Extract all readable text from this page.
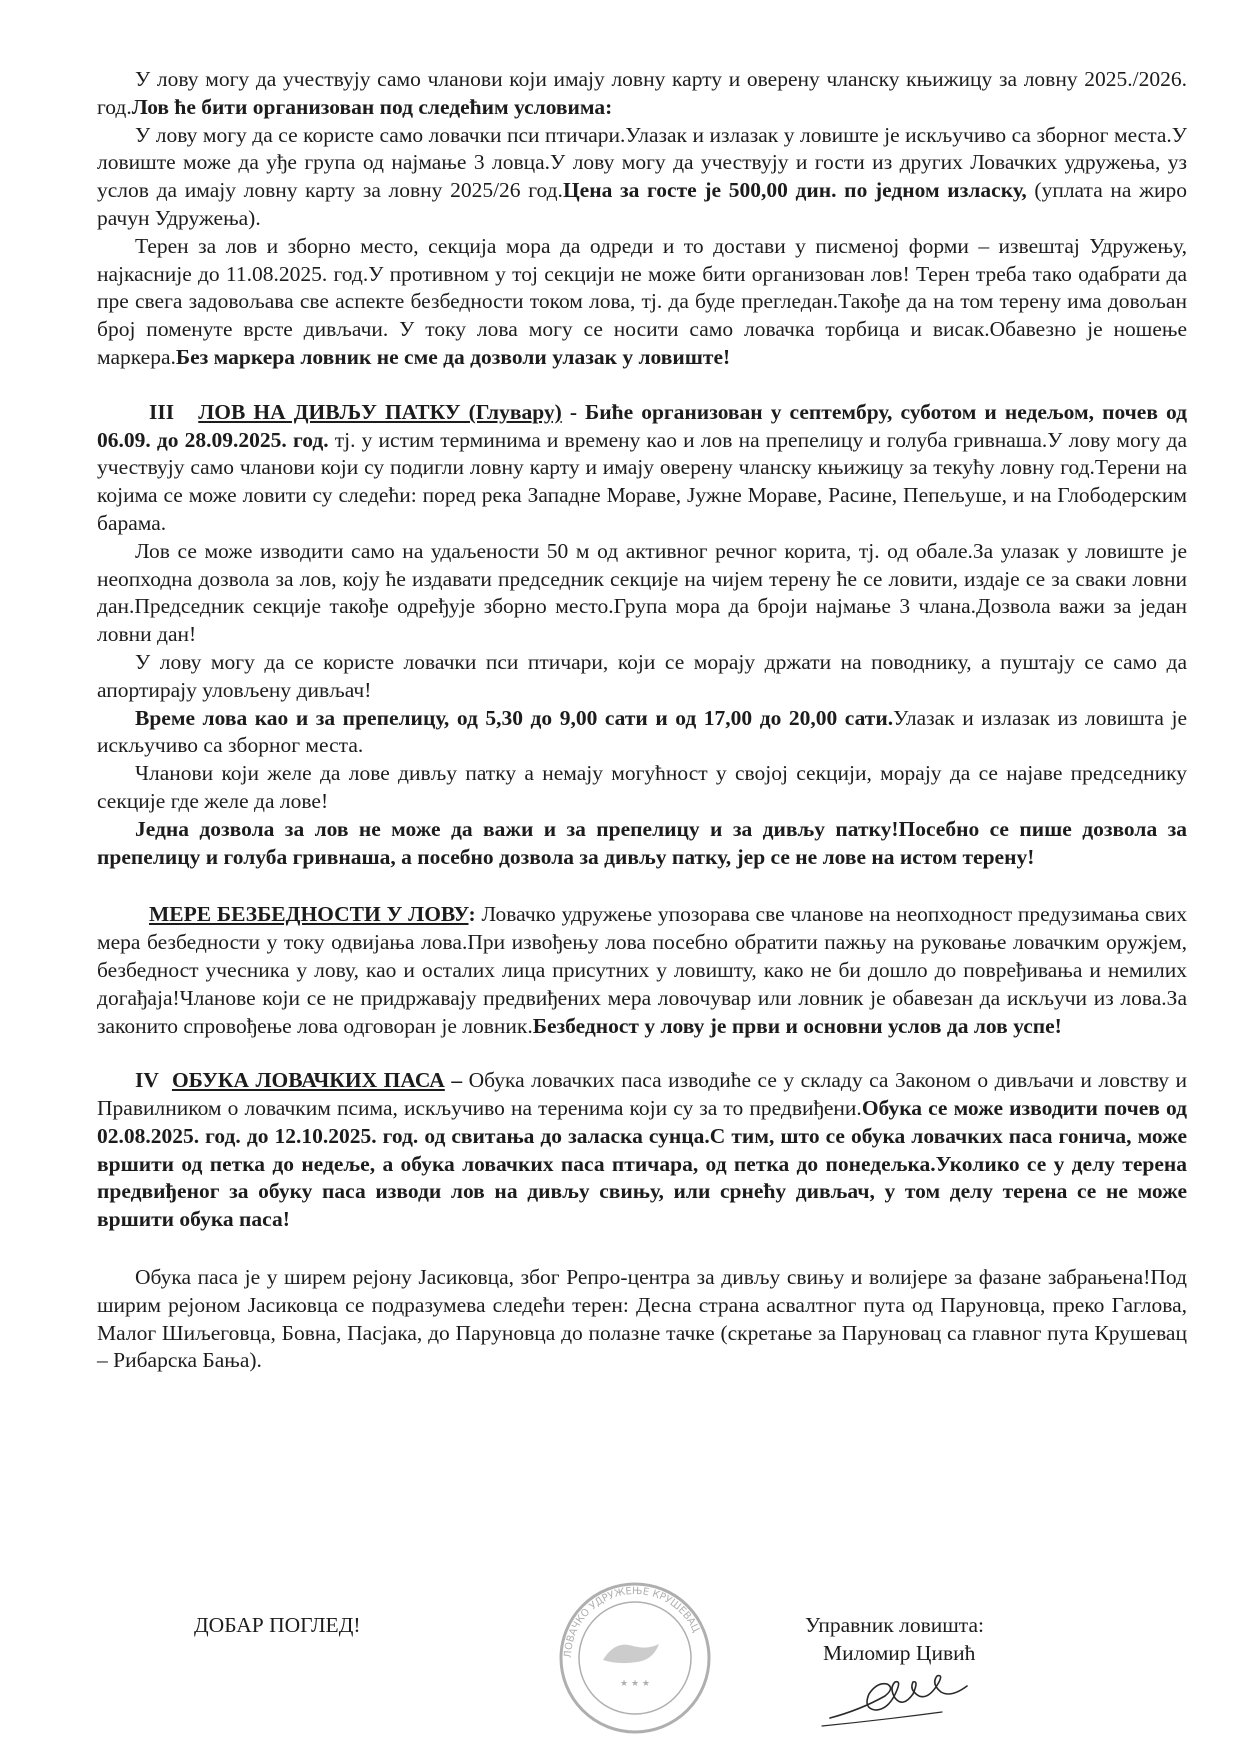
У лову могу да учествују само чланови који имају ловну карту и оверену чланску књижицу за ловну 2025./2026. год.Лов ће бити организован под следећим условима:

У лову могу да се користе само ловачки пси птичари.Улазак и излазак у ловиште је искључиво са зборног места.У ловиште може да уђе група од најмање 3 ловца.У лову могу да учествују и гости из других Ловачких удружења, уз услов да имају ловну карту за ловну 2025/26 год.Цена за госте је 500,00 дин. по једном изласку, (уплата на жиро рачун Удружења).

Терен за лов и зборно место, секција мора да одреди и то достави у писменој форми – извештај Удружењу, најкасније до 11.08.2025. год.У противном у тој секцији не може бити организован лов! Терен треба тако одабрати да пре свега задовољава све аспекте безбедности током лова, тј. да буде прегледан.Такође да на том терену има довољан број поменуте врсте дивљачи. У току лова могу се носити само ловачка торбица и висак.Обавезно је ношење маркера.Без маркера ловник не сме да дозволи улазак у ловиште!

III ЛОВ НА ДИВЉУ ПАТКУ (Глувару) - Биће организован у септембру, суботом и недељом, почев од 06.09. до 28.09.2025. год. тј. у истим терминима и времену као и лов на препелицу и голуба гривнаша.У лову могу да учествују само чланови који су подигли ловну карту и имају оверену чланску књижицу за текућу ловну год.Терени на којима се може ловити су следећи: поред река Западне Мораве, Јужне Мораве, Расине, Пепељуше, и на Глободерским барама.

Лов се може изводити само на удаљености 50 м од активног речног корита, тј. од обале.За улазак у ловиште је неопходна дозвола за лов, коју ће издавати председник секције на чијем терену ће се ловити, издаје се за сваки ловни дан.Председник секције такође одређује зборно место.Група мора да броји најмање 3 члана.Дозвола важи за један ловни дан!

У лову могу да се користе ловачки пси птичари, који се морају држати на поводнику, а пуштају се само да апортирају уловљену дивљач!

Време лова као и за препелицу, од 5,30 до 9,00 сати и од 17,00 до 20,00 сати.Улазак и излазак из ловишта је искључиво са зборног места.

Чланови који желе да лове дивљу патку а немају могућност у својој секцији, морају да се најаве председнику секције где желе да лове!

Једна дозвола за лов не може да важи и за препелицу и за дивљу патку!Посебно се пише дозвола за препелицу и голуба гривнаша, а посебно дозвола за дивљу патку, јер се не лове на истом терену!

МЕРЕ БЕЗБЕДНОСТИ У ЛОВУ: Ловачко удружење упозорава све чланове на неопходност предузимања свих мера безбедности у току одвијања лова.При извођењу лова посебно обратити пажњу на руковање ловачким оружјем, безбедност учесника у лову, као и осталих лица присутних у ловишту, како не би дошло до повређивања и немилих догађаја!Чланове који се не придржавају предвиђених мера ловочувар или ловник је обавезан да искључи из лова.За законито спровођење лова одговоран је ловник.Безбедност у лову је први и основни услов да лов успе!

IV ОБУКА ЛОВАЧКИХ ПАСА – Обука ловачких паса изводиће се у складу са Законом о дивљачи и ловству и Правилником о ловачким псима, искључиво на теренима који су за то предвиђени.Обука се може изводити почев од 02.08.2025. год. до 12.10.2025. год. од свитања до заласка сунца.С тим, што се обука ловачких паса гонича, може вршити од петка до недеље, а обука ловачких паса птичара, од петка до понедељка.Уколико се у делу терена предвиђеног за обуку паса изводи лов на дивљу свињу, или срнећу дивљач, у том делу терена се не може вршити обука паса!

Обука паса је у ширем рејону Јасиковца, због Репро-центра за дивљу свињу и волијере за фазане забрањена!Под ширим рејоном Јасиковца се подразумева следећи терен: Десна страна асвалтног пута од Паруновца, преко Гаглова, Малог Шиљеговца, Бовна, Пасјака, до Паруновца до полазне тачке (скретање за Паруновац са главног пута Крушевац – Рибарска Бања).

ДОБАР ПОГЛЕД!
★ ★ ★
ЛОВАЧКО УДРУЖЕЊЕ КРУШЕВАЦ	Управник ловишта:
Миломир Цивић
